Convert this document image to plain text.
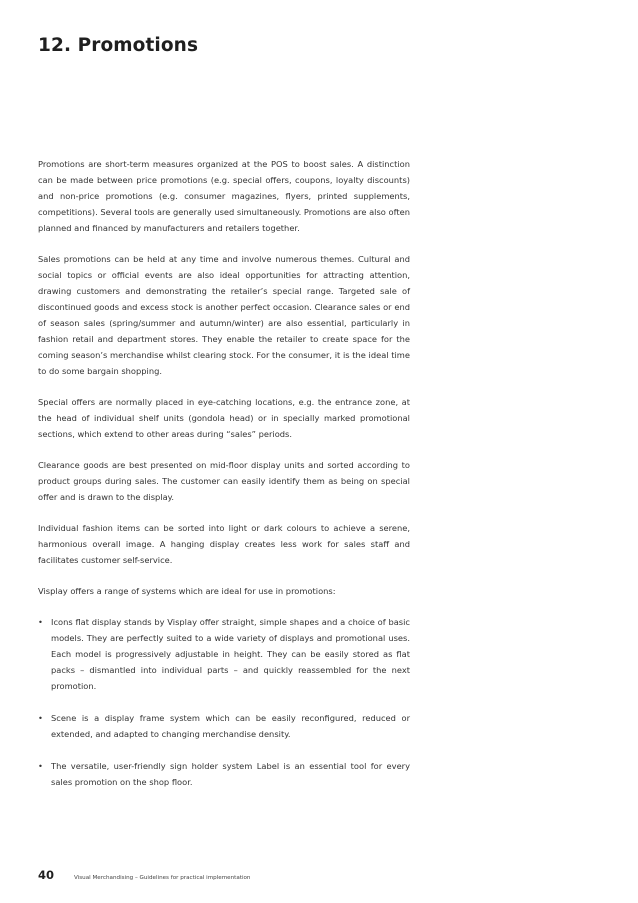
12. Promotions

Promotions are short-term measures organized at the POS to boost sales. A distinction can be made between price promotions (e.g. special offers, coupons, loyalty discounts) and non-price promotions (e.g. consumer magazines, flyers, printed supplements, competitions). Several tools are generally used simultaneously. Promotions are also often planned and financed by manufacturers and retailers together.

Sales promotions can be held at any time and involve numerous themes. Cultural and social topics or official events are also ideal opportunities for attracting attention, drawing customers and demonstrating the retailer’s special range. Targeted sale of discontinued goods and excess stock is another perfect occasion. Clearance sales or end of season sales (spring/summer and autumn/winter) are also essential, particularly in fashion retail and department stores. They enable the retailer to create space for the coming season’s merchandise whilst clearing stock. For the consumer, it is the ideal time to do some bargain shopping.

Special offers are normally placed in eye-catching locations, e.g. the entrance zone, at the head of individual shelf units (gondola head) or in specially marked promotional sections, which extend to other areas during “sales” periods.

Clearance goods are best presented on mid-floor display units and sorted according to product groups during sales. The customer can easily identify them as being on special offer and is drawn to the display.

Individual fashion items can be sorted into light or dark colours to achieve a serene, harmonious overall image. A hanging display creates less work for sales staff and facilitates customer self-service.

Visplay offers a range of systems which are ideal for use in promotions:

• Icons flat display stands by Visplay offer straight, simple shapes and a choice of basic models. They are perfectly suited to a wide variety of displays and promotional uses. Each model is progressively adjustable in height. They can be easily stored as flat packs – dismantled into individual parts – and quickly reassembled for the next promotion.
• Scene is a display frame system which can be easily reconfigured, reduced or extended, and adapted to changing merchandise density.
• The versatile, user-friendly sign holder system Label is an essential tool for every sales promotion on the shop floor.
40	Visual Merchandising – Guidelines for practical implementation
